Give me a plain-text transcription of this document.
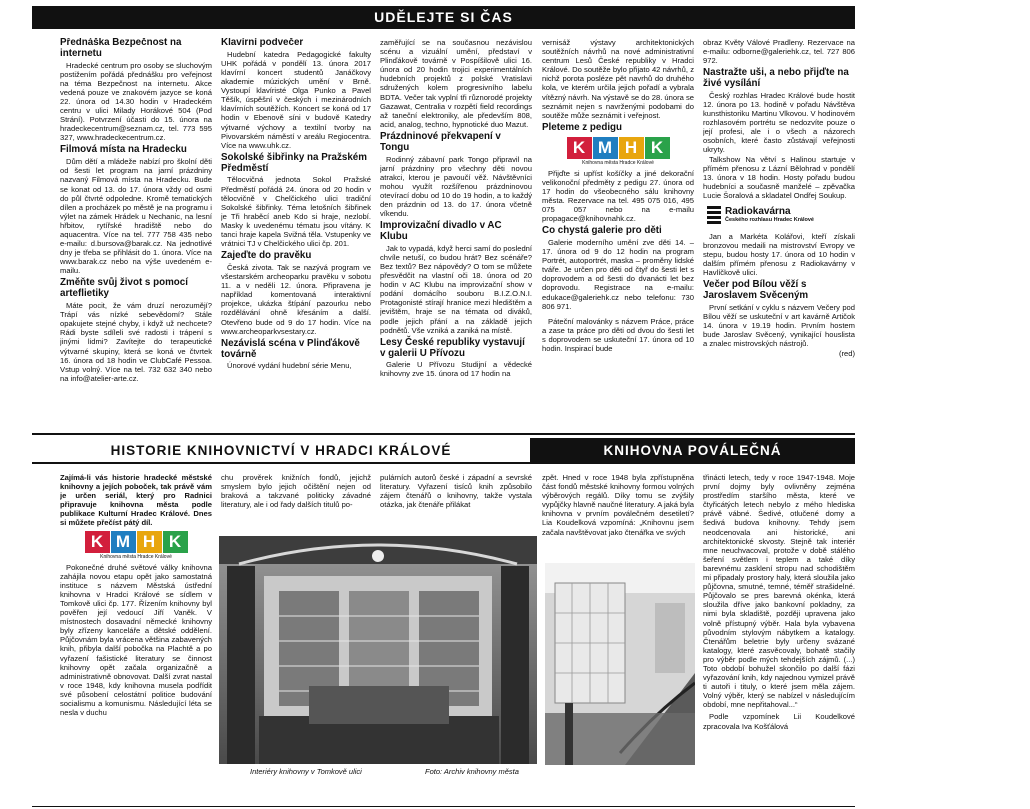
UDĚLEJTE SI ČAS
Přednáška Bezpečnost na internetu

Hradecké centrum pro osoby se sluchovým postižením pořádá přednášku pro veřejnost na téma Bezpečnost na internetu. Akce vedená pouze ve znakovém jazyce se koná 22. února od 14.30 hodin v Hradeckém centru v ulici Milady Horákové 504 (Pod Strání). Potvrzení účasti do 15. února na hradeckecentrum@seznam.cz, tel. 773 595 327, www.hradeckecentrum.cz.

Filmová místa na Hradecku

Dům dětí a mládeže nabízí pro školní děti od šesti let program na jarní prázdniny nazvaný Filmová místa na Hradecku. Bude se konat od 13. do 17. února vždy od osmi do půl čtvrté odpoledne. Kromě tematických dílen a procházek po městě je na programu i výlet na zámek Hrádek u Nechanic, na lesní hřbitov, rytířské hradiště nebo do aquacentra. Více na tel. 777 758 435 nebo e-mailu: d.bursova@barak.cz. Na jednotlivé dny je třeba se přihlásit do 1. února. Více na www.barak.cz nebo na výše uvedeném e-mailu.

Změňte svůj život s pomocí arteflietiky

Máte pocit, že vám druzí nerozumějí? Trápí vás nízké sebevědomí? Stále opakujete stejné chyby, i když už nechcete? Rádi byste sdíleli své radosti i trápení s jinými lidmi? Zavítejte do terapeutické výtvarné skupiny, která se koná ve čtvrtek 16. února od 18 hodin ve ClubCafé Pessoa. Vstup volný. Více na tel. 732 632 340 nebo na info@atelier-arte.cz.

Klavírní podvečer

Hudební katedra Pedagogické fakulty UHK pořádá v pondělí 13. února 2017 klavírní koncert studentů Janáčkovy akademie múzických umění v Brně. Vystoupí klavíristé Olga Punko a Pavel Těšík, úspěšní v českých i mezinárodních klavírních soutěžích. Koncert se koná od 17 hodin v Ebenově síni v budově Katedry výtvarné výchovy a textilní tvorby na Pivovarském náměstí v areálu Regiocentra. Více na www.uhk.cz.

Sokolské šibřinky na Pražském Předměstí

Tělocvičná jednota Sokol Pražské Předměstí pořádá 24. února od 20 hodin v tělocvičně v Chelčického ulici tradiční Sokolské šibřinky. Téma letošních šibřinek je Tři hraběcí aneb Kdo si hraje, nezlobí. Masky k uvedenému tématu jsou vítány. K tanci hraje kapela Svižná těla. Vstupenky ve vrátnici TJ v Chelčického ulici čp. 201.

Zajeďte do pravěku

Česká zivota. Tak se nazývá program ve všestarském archeoparku pravěku v sobotu 11. a v neděli 12. února. Připravena je například komentovaná interaktivní projekce, ukázka štípání pazourku nebo rozdělávání ohně křesáním a další. Otevřeno bude od 9 do 17 hodin. Více na www.archeoparkvsestary.cz.

Nezávislá scéna v Plinďákově továrně

Únorové vydání hudební série Menu,

zaměřující se na současnou nezávislou scénu a vizuální umění, představí v Plinďákově továrně v Pospíšilově ulici 16. února od 20 hodin trojici experimentálních hudebních projektů z polské Vratislavi sdružených kolem progresivního labelu BDTA. Večer tak vyplní tři různorodé projekty Gazawat, Centralia v rozpětí field recordings až taneční elektroniky, ale především 808, acid, analog, techno, hypnotické duo Mazut.

Prázdninové překvapení v Tongu

Rodinný zábavní park Tongo připravil na jarní prázdniny pro všechny děti novou atrakci, kterou je pavoučí věž. Návštěvníci mohou využít rozšířenou prázdninovou otevírací dobu od 10 do 19 hodin, a to každý den prázdnin od 13. do 17. února včetně víkendu.

Improvizační divadlo v AC Klubu

Jak to vypadá, když herci samí do poslední chvíle netuší, co budou hrát? Bez scénáře? Bez textů? Bez nápovědy? O tom se můžete přesvědčit na vlastní oči 18. února od 20 hodin v AC Klubu na improvizační show v podání domácího souboru B.I.Z.O.N.I. Protagonisté stírají hranice mezi hledištěm a jevištěm, hraje se na témata od diváků, podle jejich přání a na základě jejich podnětů. Vše vzniká a zaniká na místě.

Lesy České republiky vystavují v galerii U Přívozu

Galerie U Přívozu Studijní a vědecké knihovny zve 15. února od 17 hodin na

vernisáž výstavy architektonických soutěžních návrhů na nové administrativní centrum Lesů České republiky v Hradci Králové. Do soutěže bylo přijato 42 návrhů, z nichž porota posléze pět navrhů do druhého kola, ve kterém určila jejich pořadí a vybrala vítězný návrh. Na výstavě se do 28. února se seznámit nejen s navrženými podobami do soutěže může seznámit i veřejnost.

Pleteme z pedigu
K M H K
Knihovna města Hradce Králové

Přijďte si upříst košíčky a jiné dekorační velikonoční předměty z pedigu 27. února od 17 hodin do všeobecného sálu knihovny města. Rezervace na tel. 495 075 016, 495 075 057 nebo na e-mailu propagace@knihovnahk.cz.

Co chystá galerie pro děti

Galerie moderního umění zve děti 14. – 17. února od 9 do 12 hodin na program Portrét, autoportrét, maska – proměny lidské tváře. Je určen pro děti od čtyř do šesti let s doprovodem a od šesti do dvanácti let bez doprovodu. Registrace na e-mailu: edukace@galeriehk.cz nebo telefonu: 730 806 971.

Páteční malovánky s názvem Práce, práce a zase ta práce pro děti od dvou do šesti let s doprovodem se uskuteční 17. února od 10 hodin. Inspirací bude

obraz Květy Válové Pradleny. Rezervace na e-mailu: odborne@galeriehk.cz, tel. 727 806 972.

Nastražte uši, a nebo přijďte na živé vysílání

Český rozhlas Hradec Králové bude hostit 12. února po 13. hodině v pořadu Návštěva kunsthistoriku Martinu Vlkovou. V hodinovém rozhlasovém portrétu se nedozvíte pouze o její profesi, ale i o všech a názorech osobních, které často zůstávají veřejnosti ukryty.

Talkshow Na větví s Halinou startuje v přímém přenosu z Lázní Bělohrad v pondělí 13. února v 18 hodin. Hosty pořadu budou hudebníci a současně manželé – zpěvačka Lucie Šoralová a skladatel Ondřej Soukup.

Radiokavárna
Českého rozhlasu Hradec Králové

Jan a Markéta Kolářovi, kteří získali bronzovou medaili na mistrovství Evropy ve stepu, budou hosty 17. února od 10 hodin v dalším přímém přenosu z Radiokavárny v Havlíčkově ulici.

Večer pod Bílou věží s Jaroslavem Svěceným

První setkání v cyklu s názvem Večery pod Bílou věží se uskuteční v art kavárně Artičok 14. února v 19.19 hodin. Prvním hostem bude Jaroslav Svěcený, vynikající houslista a znalec mistrovských nástrojů.

(red)
HISTORIE KNIHOVNICTVÍ V HRADCI KRÁLOVÉ	KNIHOVNA POVÁLEČNÁ

Zajímá-li vás historie hradecké městské knihovny a jejích poboček, tak právě vám je určen seriál, který pro Radnici připravuje knihovna města podle publikace Kulturní Hradec Králové. Dnes si můžete přečíst pátý díl.

K M H K
Knihovna města Hradce Králové

Pokonečné druhé světové války knihovna zahájila novou etapu opět jako samostatná instituce s názvem Městská ústřední knihovna v Hradci Králové se sídlem v Tomkově ulici čp. 177. Řízením knihovny byl pověřen její vedoucí Jiří Vaněk. V místnostech dosavadní německé knihovny byly zřízeny kanceláře a dětské oddělení. Půjčovnám byla vrácena většina zabavených knih, přibyla další pobočka na Plachtě a po vyřazení fašistické literatury se činnost knihovny opět začala organizačně a administrativně obnovovat. Další zvrat nastal v roce 1948, kdy knihovna musela podřídit své působení celostátní politice budování socialismu a komunismu. Následující léta se nesla v duchu

chu prověrek knižních fondů, jejichž smyslem bylo jejich očištění nejen od braková a takzvané politicky závadné literatury, ale i od řady dalších titulů po-

pulárních autorů české i západní a sevrské literatury. Vyřazení tisíců knih způsobilo zájem čtenářů o knihovny, takže vystala otázka, jak čtenáře přilákat

zpět. Hned v roce 1948 byla zpřístupněna část fondů městské knihovny formou volných výběrových regálů. Díky tomu se zvýšily vypůjčky hlavně naučné literatury. A jaká byla knihovna v prvním poválečném desetiletí? Lia Koudelková vzpomíná: „Knihovnu jsem začala navštěvovat jako čtenářka ve svých

třinácti letech, tedy v roce 1947-1948. Moje první dojmy byly ovlivněny zejména prostředím staršího města, které ve čtyřicátých letech nebylo z mého hlediska právě vábné. Šedivé, otlučené domy a šedivá budova knihovny. Tehdy jsem neodcenovala ani historické, ani architektonické skvosty. Stejně tak interiér mne neuchvacoval, protože v době stálého šeření světlem i teplem a také díky barevnému zasklení stropu nad schodištěm mi připadaly prostory haly, která sloužila jako půjčovna, smutné, temné, téměř strašidelné. Půjčovalo se pres barevná okénka, která sloužila dříve jako bankovní pokladny, za nimi byla skladiště, později upravena jako volně přístupný výběr. Hala byla vybavena původním stylovým nábytkem a katalogy. Čtenářům beletrie byly určeny svázané katalogy, které zasvěcovaly, bohatě stačily pro výběr podle mých tehdejších zájmů. (...) Toto období bohužel skončilo po další fázi vyřazování knih, kdy najednou vymizel právě ti autoři i tituly, o které jsem měla zájem. Volný výběr, který se nabízel v následujícím období, mne nepřitahoval...“

Podle vzpomínek Lii Koudelkové zpracovala Iva Košťálová

Interiéry knihovny v Tomkově ulici	Foto: Archiv knihovny města
